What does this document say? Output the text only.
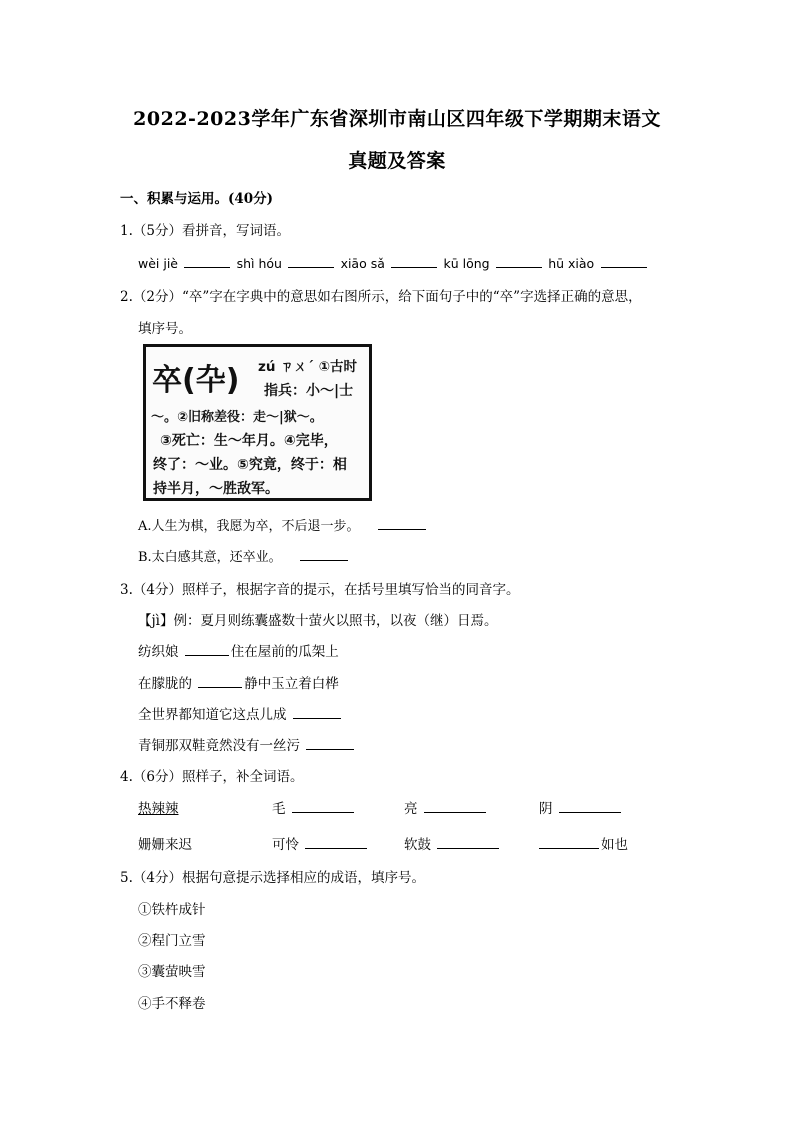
2022-2023学年广东省深圳市南山区四年级下学期期末语文
真题及答案
一、积累与运用。(40分)
1.（5分）看拼音，写词语。
wèi jiè	shì hóu	xiāo sǎ	kū lōng	hū xiào
2.（2分）“卒”字在字典中的意思如右图所示，给下面句子中的“卒”字选择正确的意思，
填序号。
卒(卆) zú ㄗㄨˊ ①古时
指兵：小～|士
～。②旧称差役：走～|狱～。
③死亡：生～年月。④完毕，
终了：～业。⑤究竟，终于：相
持半月，～胜敌军。
A.人生为棋，我愿为卒，不后退一步。
B.太白感其意，还卒业。
3.（4分）照样子，根据字音的提示，在括号里填写恰当的同音字。
【jì】例：夏月则练囊盛数十萤火以照书，以夜（继）日焉。
纺织娘	住在屋前的瓜架上
在朦胧的	静中玉立着白桦
全世界都知道它这点儿成
青铜那双鞋竟然没有一丝污
4.（6分）照样子，补全词语。
热辣辣	毛	亮	阴
姗姗来迟	可怜	软鼓	如也
5.（4分）根据句意提示选择相应的成语，填序号。
①铁杵成针
②程门立雪
③囊萤映雪
④手不释卷
